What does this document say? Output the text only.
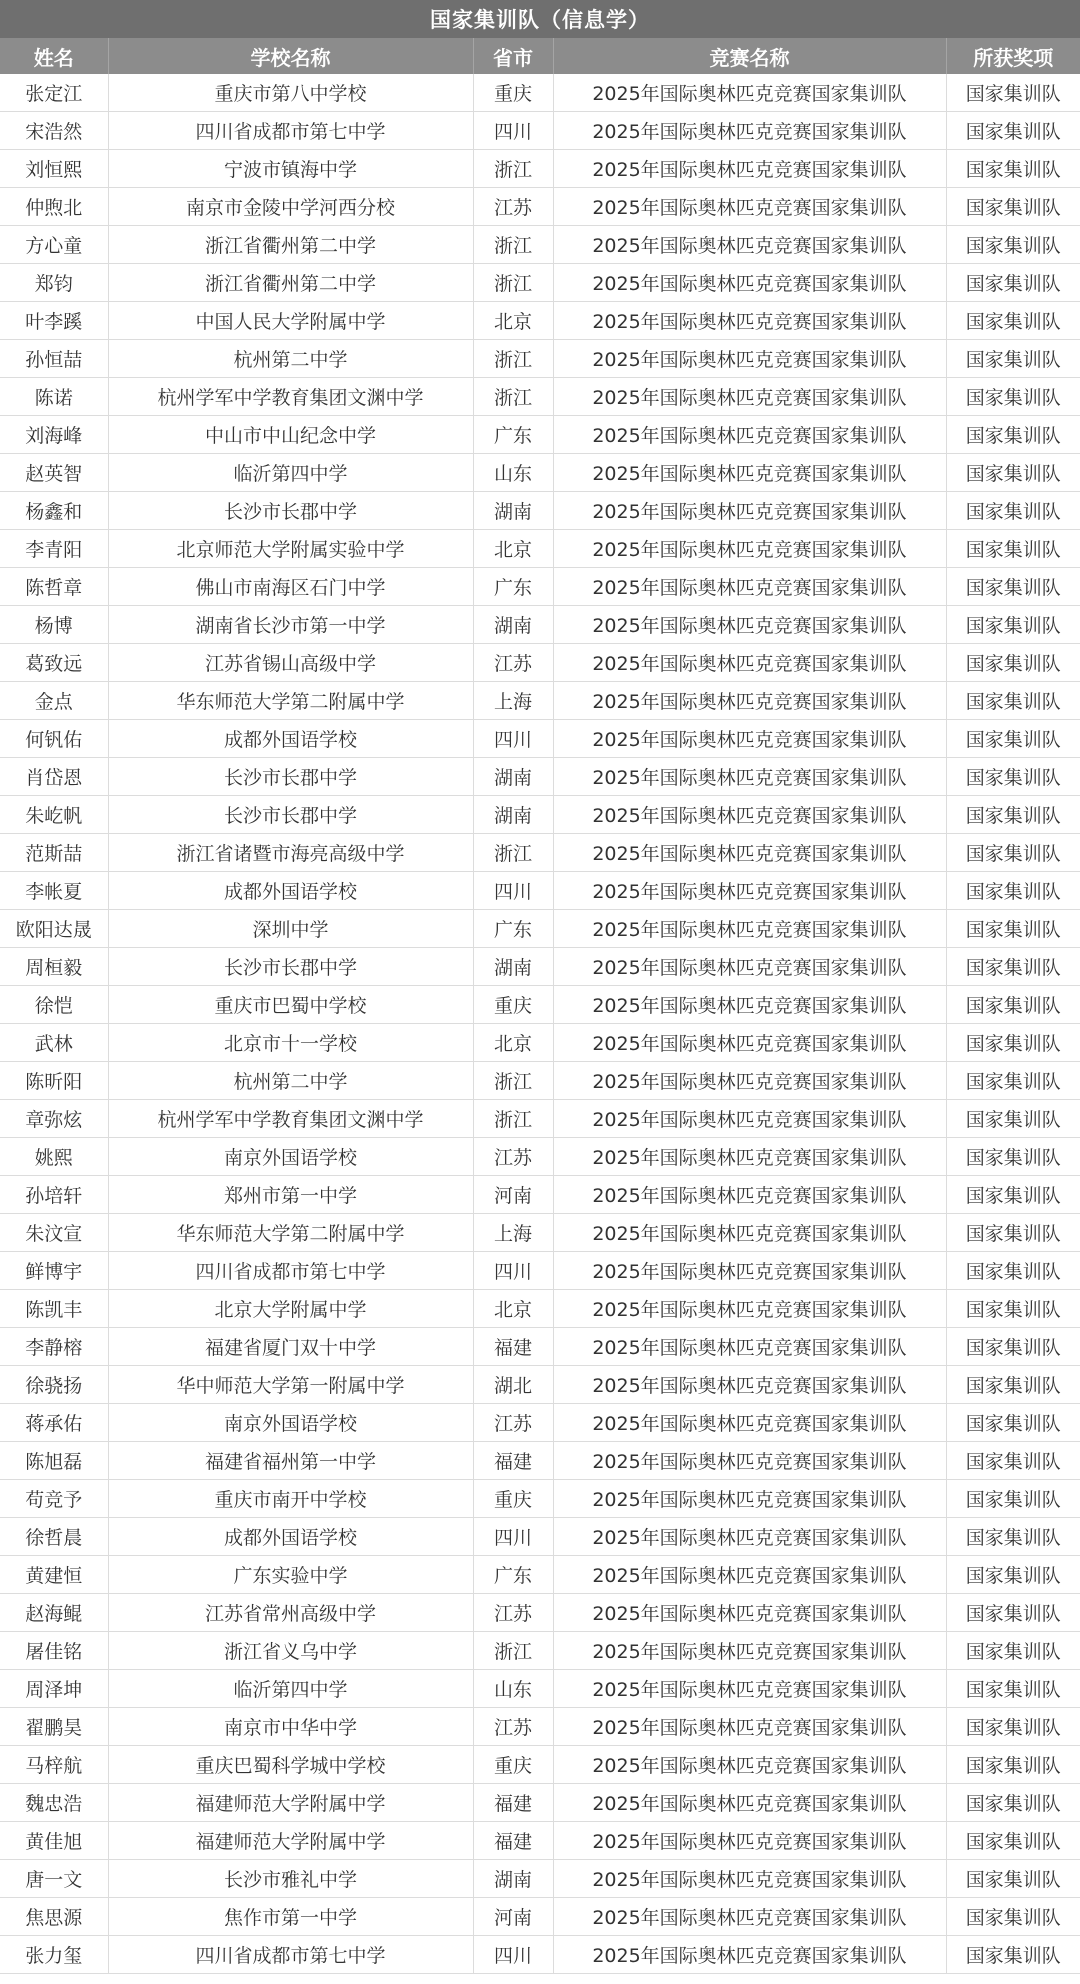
国家集训队（信息学）
姓名	学校名称	省市	竞赛名称	所获奖项
张定江	重庆市第八中学校	重庆	2025年国际奥林匹克竞赛国家集训队	国家集训队
宋浩然	四川省成都市第七中学	四川	2025年国际奥林匹克竞赛国家集训队	国家集训队
刘恒熙	宁波市镇海中学	浙江	2025年国际奥林匹克竞赛国家集训队	国家集训队
仲煦北	南京市金陵中学河西分校	江苏	2025年国际奥林匹克竞赛国家集训队	国家集训队
方心童	浙江省衢州第二中学	浙江	2025年国际奥林匹克竞赛国家集训队	国家集训队
郑钧	浙江省衢州第二中学	浙江	2025年国际奥林匹克竞赛国家集训队	国家集训队
叶李蹊	中国人民大学附属中学	北京	2025年国际奥林匹克竞赛国家集训队	国家集训队
孙恒喆	杭州第二中学	浙江	2025年国际奥林匹克竞赛国家集训队	国家集训队
陈诺	杭州学军中学教育集团文渊中学	浙江	2025年国际奥林匹克竞赛国家集训队	国家集训队
刘海峰	中山市中山纪念中学	广东	2025年国际奥林匹克竞赛国家集训队	国家集训队
赵英智	临沂第四中学	山东	2025年国际奥林匹克竞赛国家集训队	国家集训队
杨鑫和	长沙市长郡中学	湖南	2025年国际奥林匹克竞赛国家集训队	国家集训队
李青阳	北京师范大学附属实验中学	北京	2025年国际奥林匹克竞赛国家集训队	国家集训队
陈哲章	佛山市南海区石门中学	广东	2025年国际奥林匹克竞赛国家集训队	国家集训队
杨博	湖南省长沙市第一中学	湖南	2025年国际奥林匹克竞赛国家集训队	国家集训队
葛致远	江苏省锡山高级中学	江苏	2025年国际奥林匹克竞赛国家集训队	国家集训队
金点	华东师范大学第二附属中学	上海	2025年国际奥林匹克竞赛国家集训队	国家集训队
何钒佑	成都外国语学校	四川	2025年国际奥林匹克竞赛国家集训队	国家集训队
肖岱恩	长沙市长郡中学	湖南	2025年国际奥林匹克竞赛国家集训队	国家集训队
朱屹帆	长沙市长郡中学	湖南	2025年国际奥林匹克竞赛国家集训队	国家集训队
范斯喆	浙江省诸暨市海亮高级中学	浙江	2025年国际奥林匹克竞赛国家集训队	国家集训队
李帐夏	成都外国语学校	四川	2025年国际奥林匹克竞赛国家集训队	国家集训队
欧阳达晟	深圳中学	广东	2025年国际奥林匹克竞赛国家集训队	国家集训队
周桓毅	长沙市长郡中学	湖南	2025年国际奥林匹克竞赛国家集训队	国家集训队
徐恺	重庆市巴蜀中学校	重庆	2025年国际奥林匹克竞赛国家集训队	国家集训队
武林	北京市十一学校	北京	2025年国际奥林匹克竞赛国家集训队	国家集训队
陈昕阳	杭州第二中学	浙江	2025年国际奥林匹克竞赛国家集训队	国家集训队
章弥炫	杭州学军中学教育集团文渊中学	浙江	2025年国际奥林匹克竞赛国家集训队	国家集训队
姚熙	南京外国语学校	江苏	2025年国际奥林匹克竞赛国家集训队	国家集训队
孙培轩	郑州市第一中学	河南	2025年国际奥林匹克竞赛国家集训队	国家集训队
朱汶宣	华东师范大学第二附属中学	上海	2025年国际奥林匹克竞赛国家集训队	国家集训队
鲜博宇	四川省成都市第七中学	四川	2025年国际奥林匹克竞赛国家集训队	国家集训队
陈凯丰	北京大学附属中学	北京	2025年国际奥林匹克竞赛国家集训队	国家集训队
李静榕	福建省厦门双十中学	福建	2025年国际奥林匹克竞赛国家集训队	国家集训队
徐骁扬	华中师范大学第一附属中学	湖北	2025年国际奥林匹克竞赛国家集训队	国家集训队
蒋承佑	南京外国语学校	江苏	2025年国际奥林匹克竞赛国家集训队	国家集训队
陈旭磊	福建省福州第一中学	福建	2025年国际奥林匹克竞赛国家集训队	国家集训队
苟竞予	重庆市南开中学校	重庆	2025年国际奥林匹克竞赛国家集训队	国家集训队
徐哲晨	成都外国语学校	四川	2025年国际奥林匹克竞赛国家集训队	国家集训队
黄建恒	广东实验中学	广东	2025年国际奥林匹克竞赛国家集训队	国家集训队
赵海鲲	江苏省常州高级中学	江苏	2025年国际奥林匹克竞赛国家集训队	国家集训队
屠佳铭	浙江省义乌中学	浙江	2025年国际奥林匹克竞赛国家集训队	国家集训队
周泽坤	临沂第四中学	山东	2025年国际奥林匹克竞赛国家集训队	国家集训队
翟鹏昊	南京市中华中学	江苏	2025年国际奥林匹克竞赛国家集训队	国家集训队
马梓航	重庆巴蜀科学城中学校	重庆	2025年国际奥林匹克竞赛国家集训队	国家集训队
魏忠浩	福建师范大学附属中学	福建	2025年国际奥林匹克竞赛国家集训队	国家集训队
黄佳旭	福建师范大学附属中学	福建	2025年国际奥林匹克竞赛国家集训队	国家集训队
唐一文	长沙市雅礼中学	湖南	2025年国际奥林匹克竞赛国家集训队	国家集训队
焦思源	焦作市第一中学	河南	2025年国际奥林匹克竞赛国家集训队	国家集训队
张力玺	四川省成都市第七中学	四川	2025年国际奥林匹克竞赛国家集训队	国家集训队
